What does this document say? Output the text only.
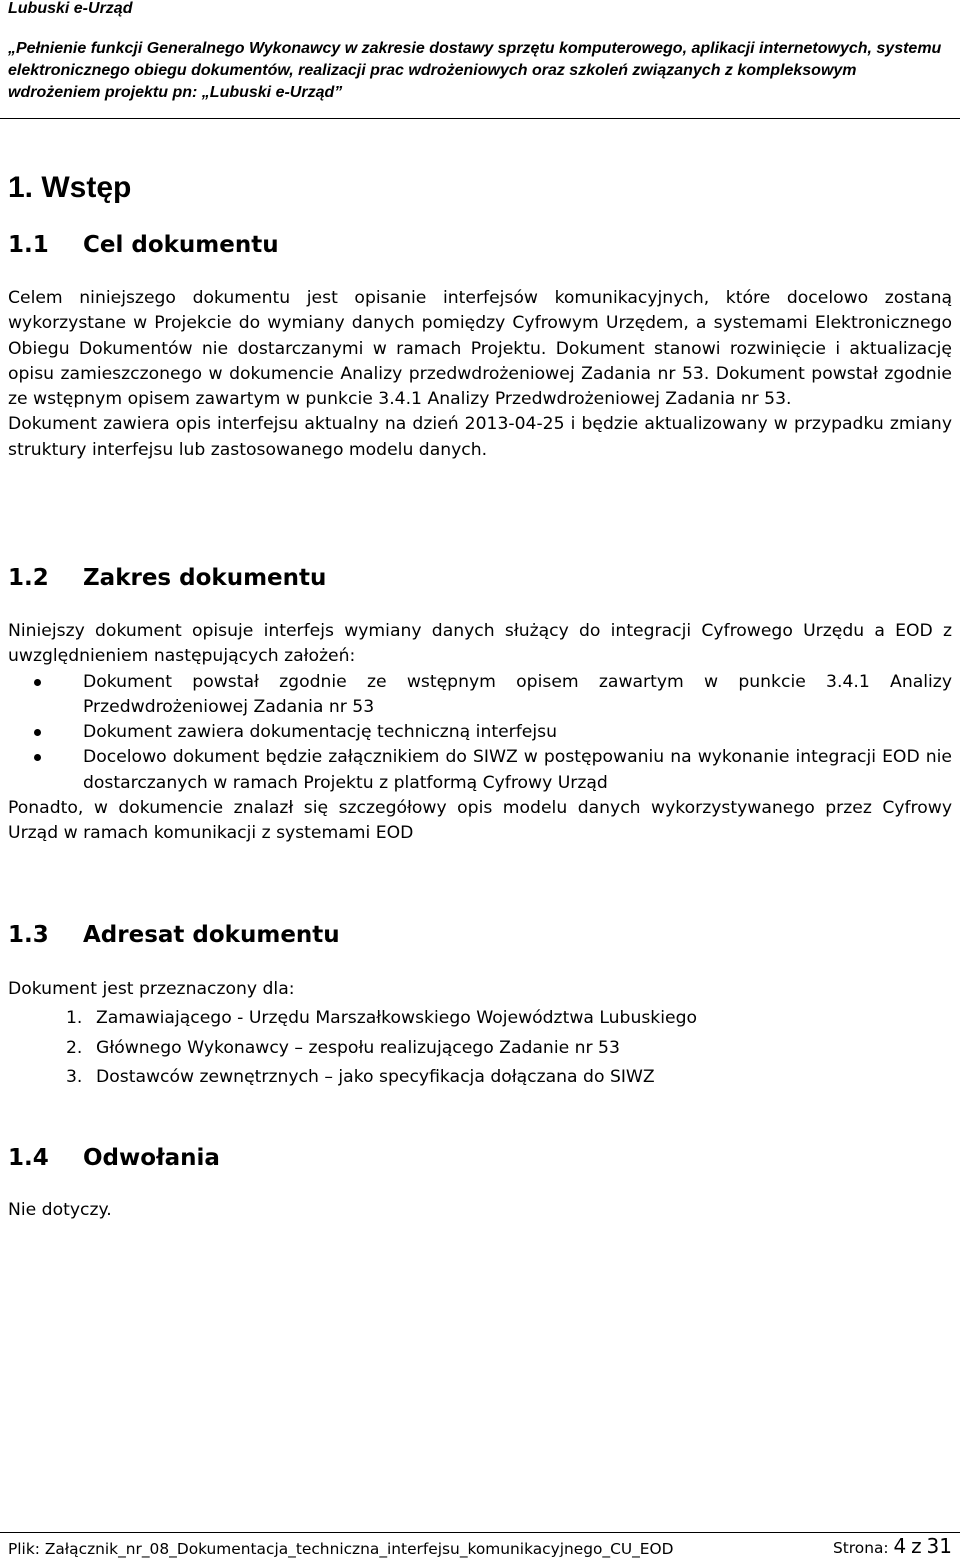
Lubuski e-Urząd
„Pełnienie funkcji Generalnego Wykonawcy w zakresie dostawy sprzętu komputerowego, aplikacji internetowych, systemu elektronicznego obiegu dokumentów, realizacji prac wdrożeniowych oraz szkoleń związanych z kompleksowym wdrożeniem projektu pn: „Lubuski e-Urząd”
1. Wstęp
1.1 Cel dokumentu

Celem niniejszego dokumentu jest opisanie interfejsów komunikacyjnych, które docelowo zostaną wykorzystane w Projekcie do wymiany danych pomiędzy Cyfrowym Urzędem, a systemami Elektronicznego Obiegu Dokumentów nie dostarczanymi w ramach Projektu. Dokument stanowi rozwinięcie i aktualizację opisu zamieszczonego w dokumencie Analizy przedwdrożeniowej Zadania nr 53. Dokument powstał zgodnie ze wstępnym opisem zawartym w punkcie 3.4.1 Analizy Przedwdrożeniowej Zadania nr 53.

Dokument zawiera opis interfejsu aktualny na dzień 2013-04-25 i będzie aktualizowany w przypadku zmiany struktury interfejsu lub zastosowanego modelu danych.

1.2 Zakres dokumentu

Niniejszy dokument opisuje interfejs wymiany danych służący do integracji Cyfrowego Urzędu a EOD z uwzględnieniem następujących założeń:

Dokument powstał zgodnie ze wstępnym opisem zawartym w punkcie 3.4.1 Analizy Przedwdrożeniowej Zadania nr 53
Dokument zawiera dokumentację techniczną interfejsu
Docelowo dokument będzie załącznikiem do SIWZ w postępowaniu na wykonanie integracji EOD nie dostarczanych w ramach Projektu z platformą Cyfrowy Urząd

Ponadto, w dokumencie znalazł się szczegółowy opis modelu danych wykorzystywanego przez Cyfrowy Urząd w ramach komunikacji z systemami EOD

1.3 Adresat dokumentu

Dokument jest przeznaczony dla:

1. Zamawiającego - Urzędu Marszałkowskiego Województwa Lubuskiego
2. Głównego Wykonawcy – zespołu realizującego Zadanie nr 53
3. Dostawców zewnętrznych – jako specyfikacja dołączana do SIWZ
1.4 Odwołania

Nie dotyczy.

Plik: Załącznik_nr_08_Dokumentacja_techniczna_interfejsu_komunikacyjnego_CU_EOD	Strona: 4 z 31
